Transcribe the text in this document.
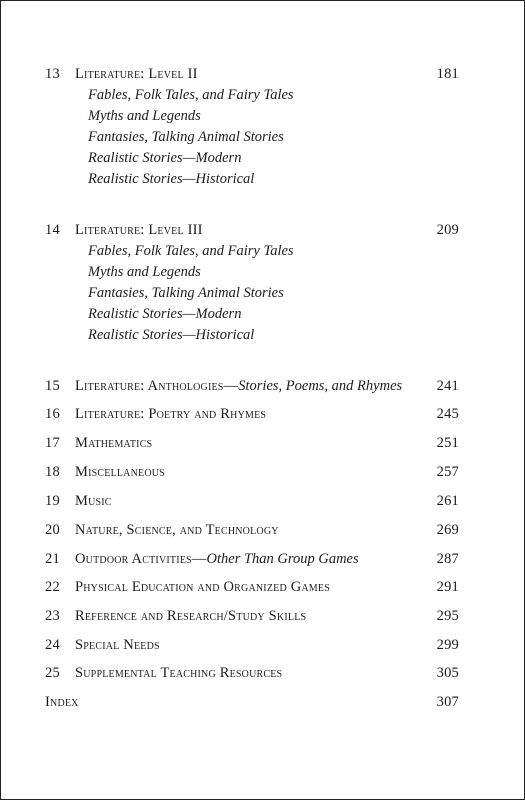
13 Literature: Level II	181
Fables, Folk Tales, and Fairy Tales
Myths and Legends
Fantasies, Talking Animal Stories
Realistic Stories—Modern
Realistic Stories—Historical
14 Literature: Level III	209
Fables, Folk Tales, and Fairy Tales
Myths and Legends
Fantasies, Talking Animal Stories
Realistic Stories—Modern
Realistic Stories—Historical
15 Literature: Anthologies—Stories, Poems, and Rhymes 241
16 Literature: Poetry and Rhymes	245
17 Mathematics	251
18 Miscellaneous	257
19 Music	261
20 Nature, Science, and Technology	269
21 Outdoor Activities—Other Than Group Games	287
22 Physical Education and Organized Games	291
23 Reference and Research/Study Skills	295
24 Special Needs	299
25 Supplemental Teaching Resources	305
Index	307
